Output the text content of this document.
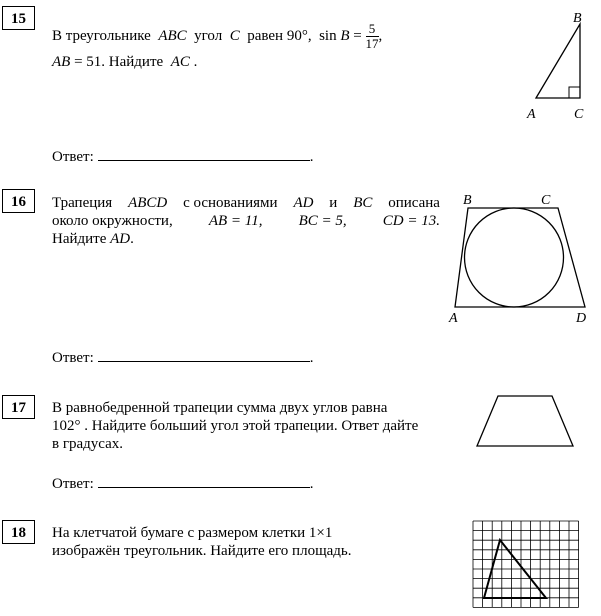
15
В треугольнике ABC угол C равен 90°, $\sin B = \frac{5}{17}$ ,
AB = 51. Найдите AC .
B
A	C
Ответ:	.
16	Трапеция ABCD с основаниями AD и BC описана
около окружности, AB = 11, BC = 5, CD = 13.
Найдите AD.
B	C
A	D
Ответ:	.
17	В равнобедренной трапеции сумма двух углов равна
102° . Найдите больший угол этой трапеции. Ответ дайте
в градусах.
Ответ:	.
18	На клетчатой бумаге с размером клетки 1×1
изображён треугольник. Найдите его площадь.
